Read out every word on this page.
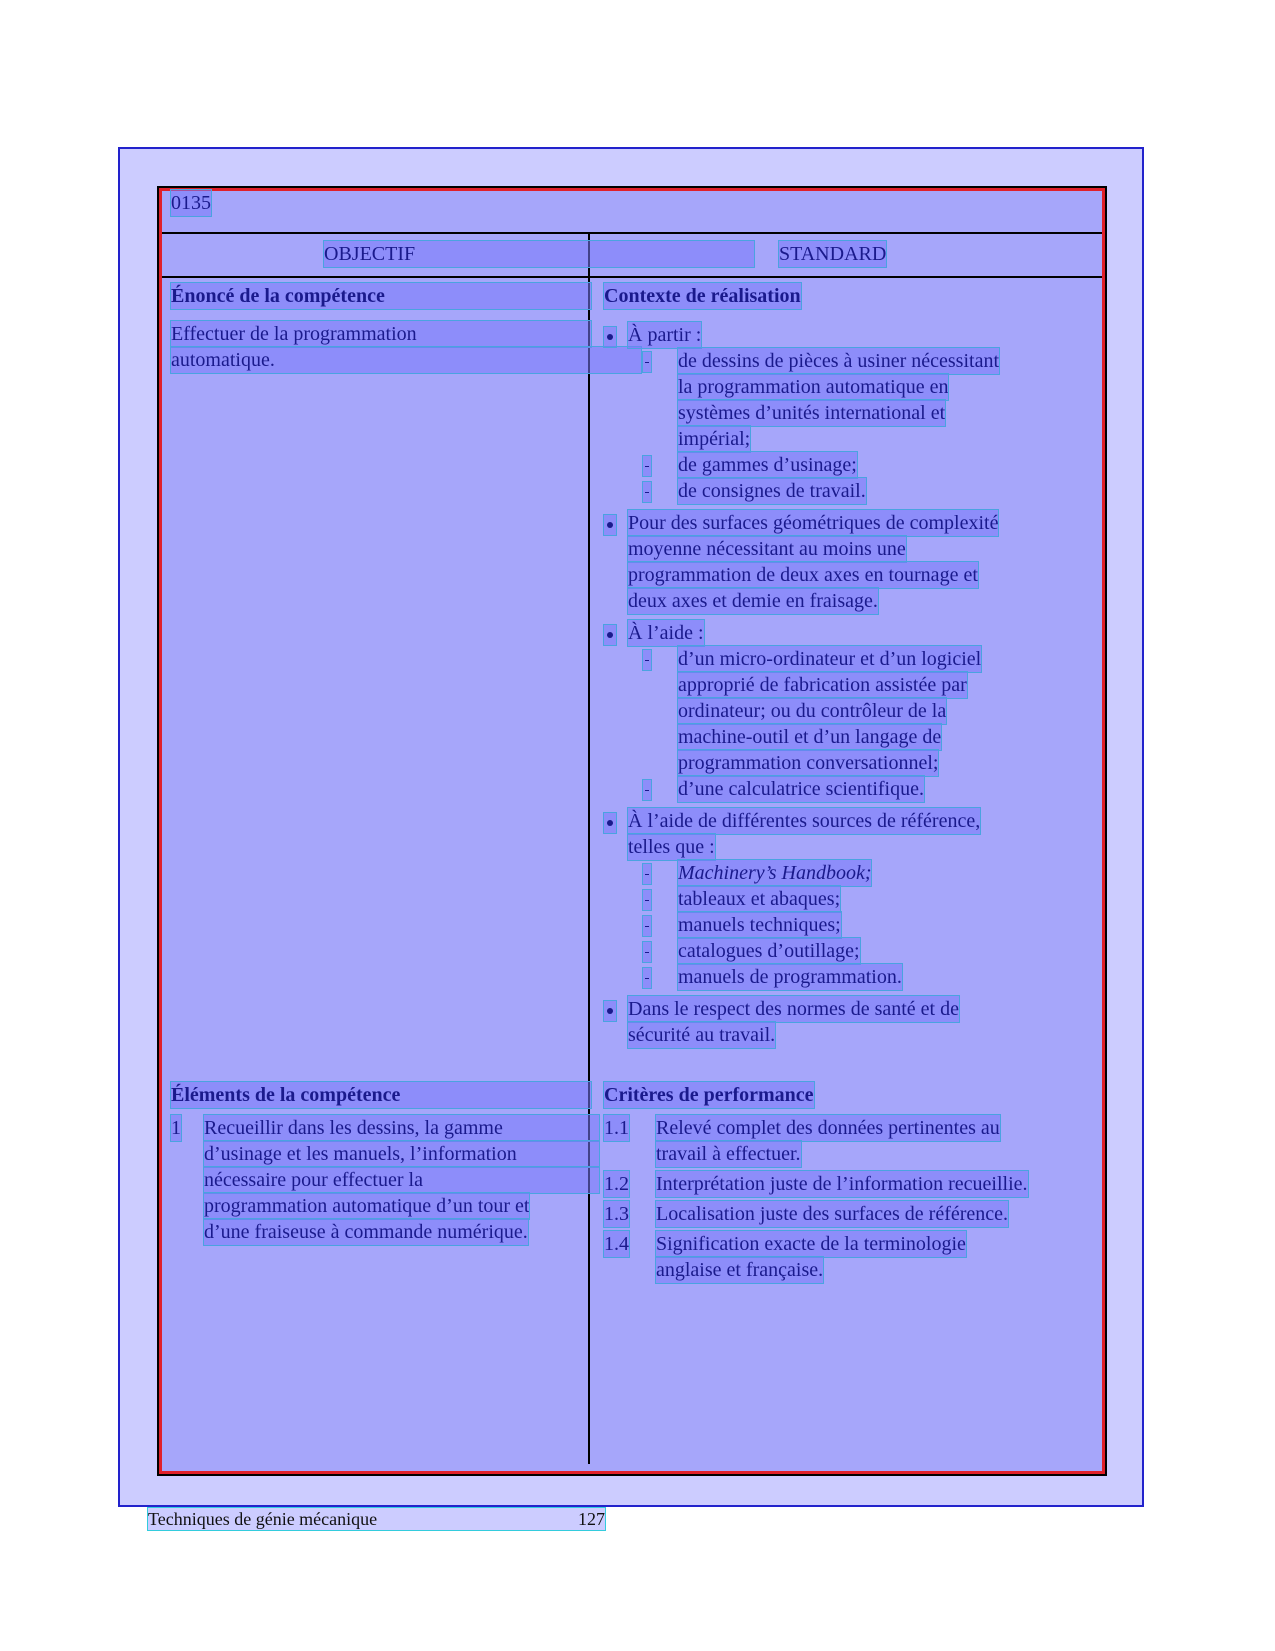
0135
OBJECTIF	STANDARD
Énoncé de la compétence
Effectuer de la programmation
automatique.
Éléments de la compétence
1 Recueillir dans les dessins, la gamme
d’usinage et les manuels, l’information
nécessaire pour effectuer la
programmation automatique d’un tour et
d’une fraiseuse à commande numérique.
Contexte de réalisation
À partir :
de dessins de pièces à usiner nécessitant
la programmation automatique en
systèmes d’unités international et
impérial;
de gammes d’usinage;
de consignes de travail.
Pour des surfaces géométriques de complexité
moyenne nécessitant au moins une
programmation de deux axes en tournage et
deux axes et demie en fraisage.
À l’aide :
d’un micro-ordinateur et d’un logiciel
approprié de fabrication assistée par
ordinateur; ou du contrôleur de la
machine-outil et d’un langage de
programmation conversationnel;
d’une calculatrice scientifique.
À l’aide de différentes sources de référence,
telles que :
Machinery’s Handbook;
tableaux et abaques;
manuels techniques;
catalogues d’outillage;
manuels de programmation.
Dans le respect des normes de santé et de
sécurité au travail.
Critères de performance
1.1 Relevé complet des données pertinentes au
travail à effectuer.
1.2 Interprétation juste de l’information recueillie.
1.3 Localisation juste des surfaces de référence.
1.4 Signification exacte de la terminologie
anglaise et française.
Techniques de génie mécanique	127
